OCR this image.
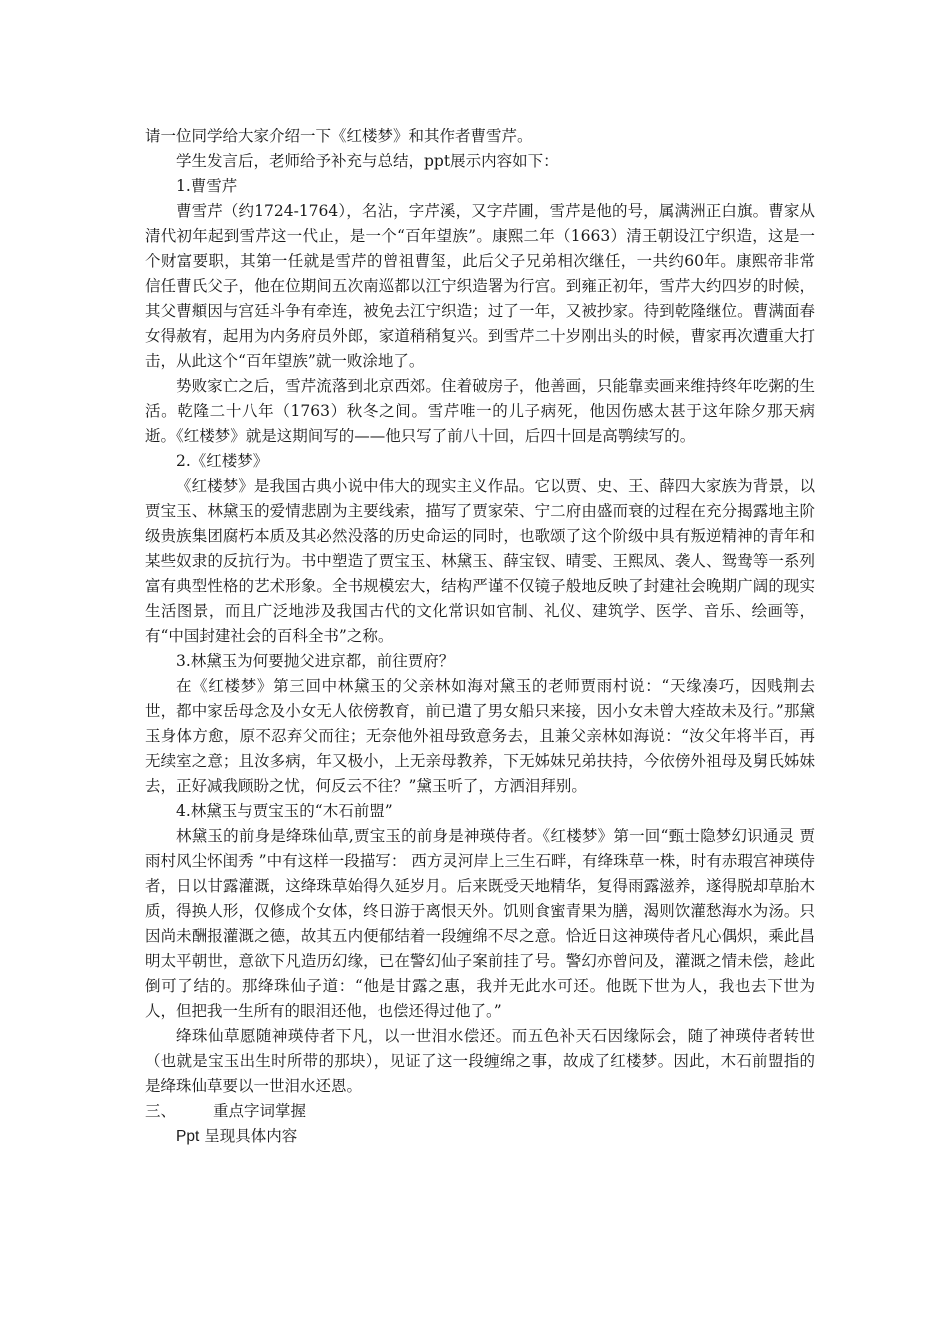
请一位同学给大家介绍一下《红楼梦》和其作者曹雪芹。

学生发言后，老师给予补充与总结，ppt展示内容如下：

1.曹雪芹

曹雪芹（约1724-1764），名沾，字芹溪，又字芹圃，雪芹是他的号，属满洲正白旗。曹家从清代初年起到雪芹这一代止，是一个“百年望族”。康熙二年（1663）清王朝设江宁织造，这是一个财富要职，其第一任就是雪芹的曾祖曹玺，此后父子兄弟相次继任，一共约60年。康熙帝非常信任曹氏父子，他在位期间五次南巡都以江宁织造署为行宫。到雍正初年，雪芹大约四岁的时候，其父曹頫因与宫廷斗争有牵连，被免去江宁织造；过了一年，又被抄家。待到乾隆继位。曹满面春女得赦宥，起用为内务府员外郎，家道稍稍复兴。到雪芹二十岁刚出头的时候，曹家再次遭重大打击，从此这个“百年望族”就一败涂地了。

势败家亡之后，雪芹流落到北京西郊。住着破房子，他善画，只能靠卖画来维持终年吃粥的生活。乾隆二十八年（1763）秋冬之间。雪芹唯一的儿子病死，他因伤感太甚于这年除夕那天病逝。《红楼梦》就是这期间写的——他只写了前八十回，后四十回是高鹗续写的。

2.《红楼梦》

《红楼梦》是我国古典小说中伟大的现实主义作品。它以贾、史、王、薛四大家族为背景，以贾宝玉、林黛玉的爱情悲剧为主要线索，描写了贾家荣、宁二府由盛而衰的过程在充分揭露地主阶级贵族集团腐朽本质及其必然没落的历史命运的同时，也歌颂了这个阶级中具有叛逆精神的青年和某些奴隶的反抗行为。书中塑造了贾宝玉、林黛玉、薛宝钗、晴雯、王熙凤、袭人、鸳鸯等一系列富有典型性格的艺术形象。全书规模宏大，结构严谨不仅镜子般地反映了封建社会晚期广阔的现实生活图景，而且广泛地涉及我国古代的文化常识如官制、礼仪、建筑学、医学、音乐、绘画等，有“中国封建社会的百科全书”之称。

3.林黛玉为何要抛父进京都，前往贾府？

在《红楼梦》第三回中林黛玉的父亲林如海对黛玉的老师贾雨村说：“天缘凑巧，因贱荆去世，都中家岳母念及小女无人依傍教育，前已遣了男女船只来接，因小女未曾大痊故未及行。”那黛玉身体方愈，原不忍弃父而往；无奈他外祖母致意务去，且兼父亲林如海说：“汝父年将半百，再无续室之意；且汝多病，年又极小，上无亲母教养，下无姊妹兄弟扶持，今依傍外祖母及舅氏姊妹去，正好减我顾盼之忧，何反云不往？”黛玉听了，方洒泪拜别。

4.林黛玉与贾宝玉的“木石前盟”

林黛玉的前身是绛珠仙草,贾宝玉的前身是神瑛侍者。《红楼梦》第一回“甄士隐梦幻识通灵 贾雨村风尘怀闺秀 ”中有这样一段描写： 西方灵河岸上三生石畔，有绛珠草一株，时有赤瑕宫神瑛侍者，日以甘露灌溉，这绛珠草始得久延岁月。后来既受天地精华，复得雨露滋养，遂得脱却草胎木质，得换人形，仅修成个女体，终日游于离恨天外。饥则食蜜青果为膳，渴则饮灌愁海水为汤。只因尚未酬报灌溉之德，故其五内便郁结着一段缠绵不尽之意。恰近日这神瑛侍者凡心偶炽，乘此昌明太平朝世，意欲下凡造历幻缘，已在警幻仙子案前挂了号。警幻亦曾问及，灌溉之情未偿，趁此倒可了结的。那绛珠仙子道：“他是甘露之惠，我并无此水可还。他既下世为人，我也去下世为人，但把我一生所有的眼泪还他，也偿还得过他了。”

绛珠仙草愿随神瑛侍者下凡，以一世泪水偿还。而五色补天石因缘际会，随了神瑛侍者转世（也就是宝玉出生时所带的那块），见证了这一段缠绵之事，故成了红楼梦。因此，木石前盟指的是绛珠仙草要以一世泪水还恩。

三、	重点字词掌握

Ppt 呈现具体内容
